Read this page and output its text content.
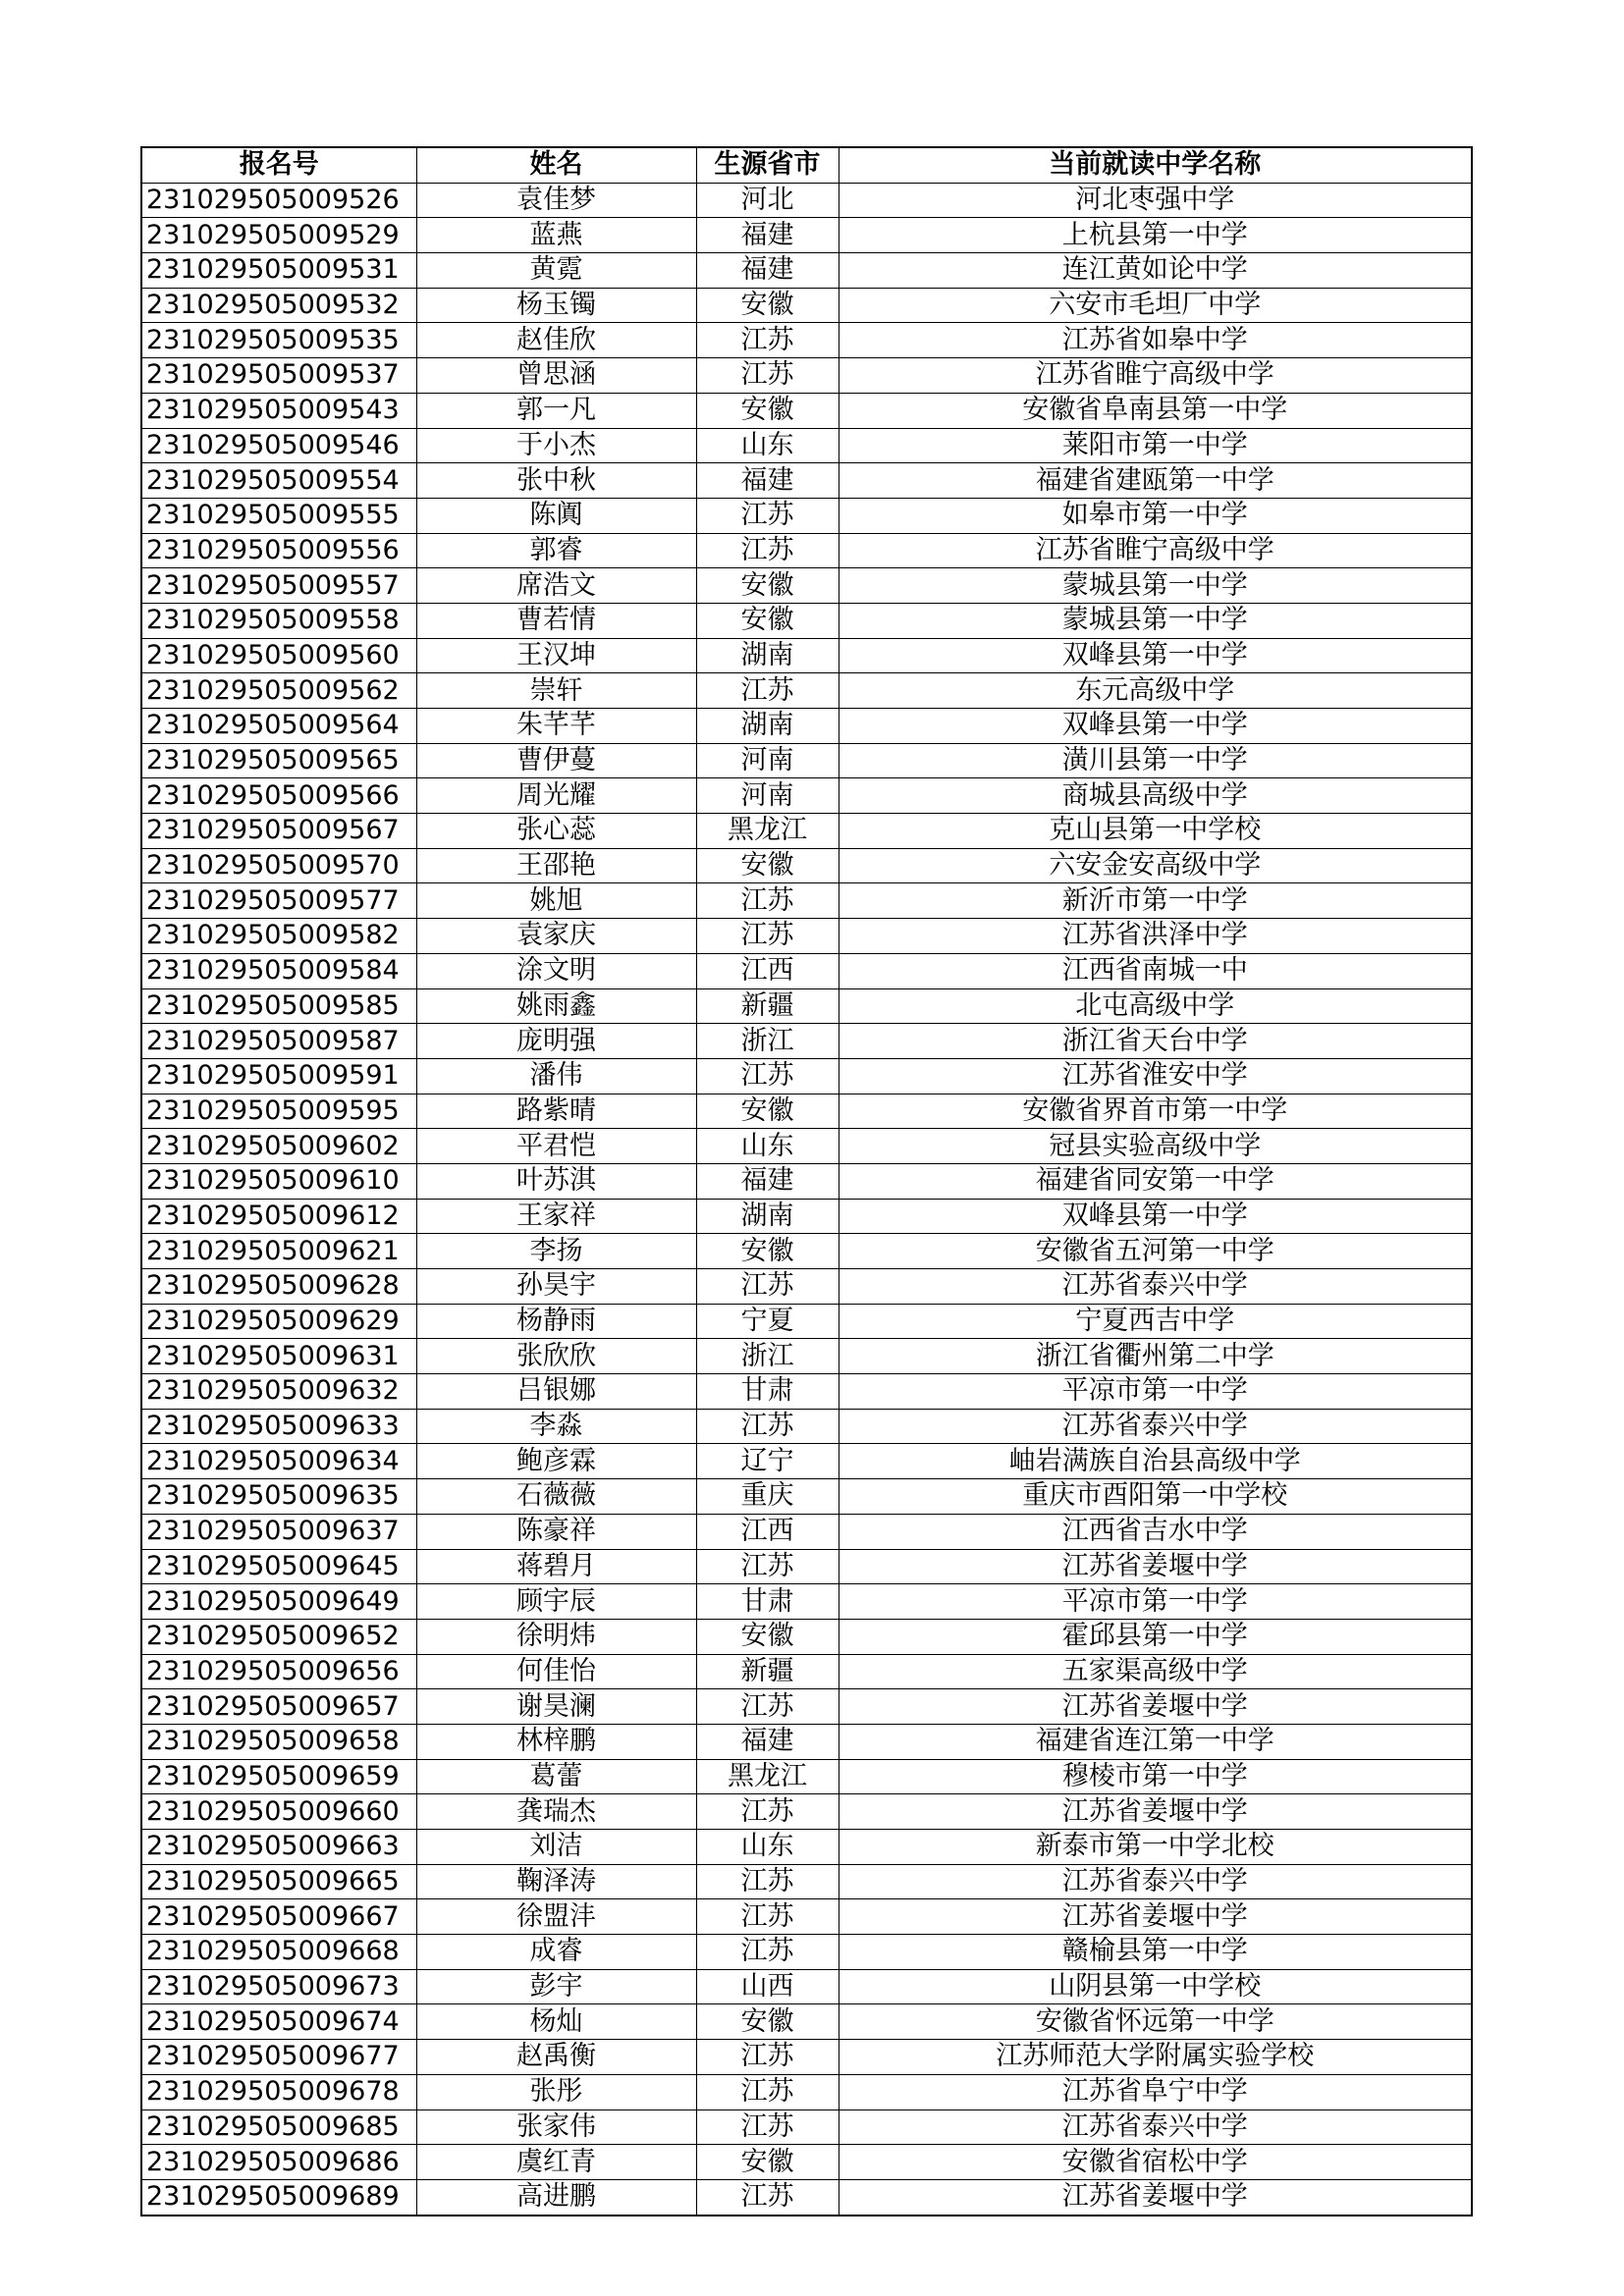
报名号	姓名	生源省市	当前就读中学名称
231029505009526	袁佳梦	河北	河北枣强中学
231029505009529	蓝燕	福建	上杭县第一中学
231029505009531	黄霓	福建	连江黄如论中学
231029505009532	杨玉镯	安徽	六安市毛坦厂中学
231029505009535	赵佳欣	江苏	江苏省如皋中学
231029505009537	曾思涵	江苏	江苏省睢宁高级中学
231029505009543	郭一凡	安徽	安徽省阜南县第一中学
231029505009546	于小杰	山东	莱阳市第一中学
231029505009554	张中秋	福建	福建省建瓯第一中学
231029505009555	陈阗	江苏	如皋市第一中学
231029505009556	郭睿	江苏	江苏省睢宁高级中学
231029505009557	席浩文	安徽	蒙城县第一中学
231029505009558	曹若情	安徽	蒙城县第一中学
231029505009560	王汉坤	湖南	双峰县第一中学
231029505009562	崇轩	江苏	东元高级中学
231029505009564	朱芊芊	湖南	双峰县第一中学
231029505009565	曹伊蔓	河南	潢川县第一中学
231029505009566	周光耀	河南	商城县高级中学
231029505009567	张心蕊	黑龙江	克山县第一中学校
231029505009570	王邵艳	安徽	六安金安高级中学
231029505009577	姚旭	江苏	新沂市第一中学
231029505009582	袁家庆	江苏	江苏省洪泽中学
231029505009584	涂文明	江西	江西省南城一中
231029505009585	姚雨鑫	新疆	北屯高级中学
231029505009587	庞明强	浙江	浙江省天台中学
231029505009591	潘伟	江苏	江苏省淮安中学
231029505009595	路紫晴	安徽	安徽省界首市第一中学
231029505009602	平君恺	山东	冠县实验高级中学
231029505009610	叶苏淇	福建	福建省同安第一中学
231029505009612	王家祥	湖南	双峰县第一中学
231029505009621	李扬	安徽	安徽省五河第一中学
231029505009628	孙昊宇	江苏	江苏省泰兴中学
231029505009629	杨静雨	宁夏	宁夏西吉中学
231029505009631	张欣欣	浙江	浙江省衢州第二中学
231029505009632	吕银娜	甘肃	平凉市第一中学
231029505009633	李淼	江苏	江苏省泰兴中学
231029505009634	鲍彦霖	辽宁	岫岩满族自治县高级中学
231029505009635	石薇薇	重庆	重庆市酉阳第一中学校
231029505009637	陈豪祥	江西	江西省吉水中学
231029505009645	蒋碧月	江苏	江苏省姜堰中学
231029505009649	顾宇辰	甘肃	平凉市第一中学
231029505009652	徐明炜	安徽	霍邱县第一中学
231029505009656	何佳怡	新疆	五家渠高级中学
231029505009657	谢昊澜	江苏	江苏省姜堰中学
231029505009658	林梓鹏	福建	福建省连江第一中学
231029505009659	葛蕾	黑龙江	穆棱市第一中学
231029505009660	龚瑞杰	江苏	江苏省姜堰中学
231029505009663	刘洁	山东	新泰市第一中学北校
231029505009665	鞠泽涛	江苏	江苏省泰兴中学
231029505009667	徐盟沣	江苏	江苏省姜堰中学
231029505009668	成睿	江苏	赣榆县第一中学
231029505009673	彭宇	山西	山阴县第一中学校
231029505009674	杨灿	安徽	安徽省怀远第一中学
231029505009677	赵禹衡	江苏	江苏师范大学附属实验学校
231029505009678	张彤	江苏	江苏省阜宁中学
231029505009685	张家伟	江苏	江苏省泰兴中学
231029505009686	虞红青	安徽	安徽省宿松中学
231029505009689	高进鹏	江苏	江苏省姜堰中学
